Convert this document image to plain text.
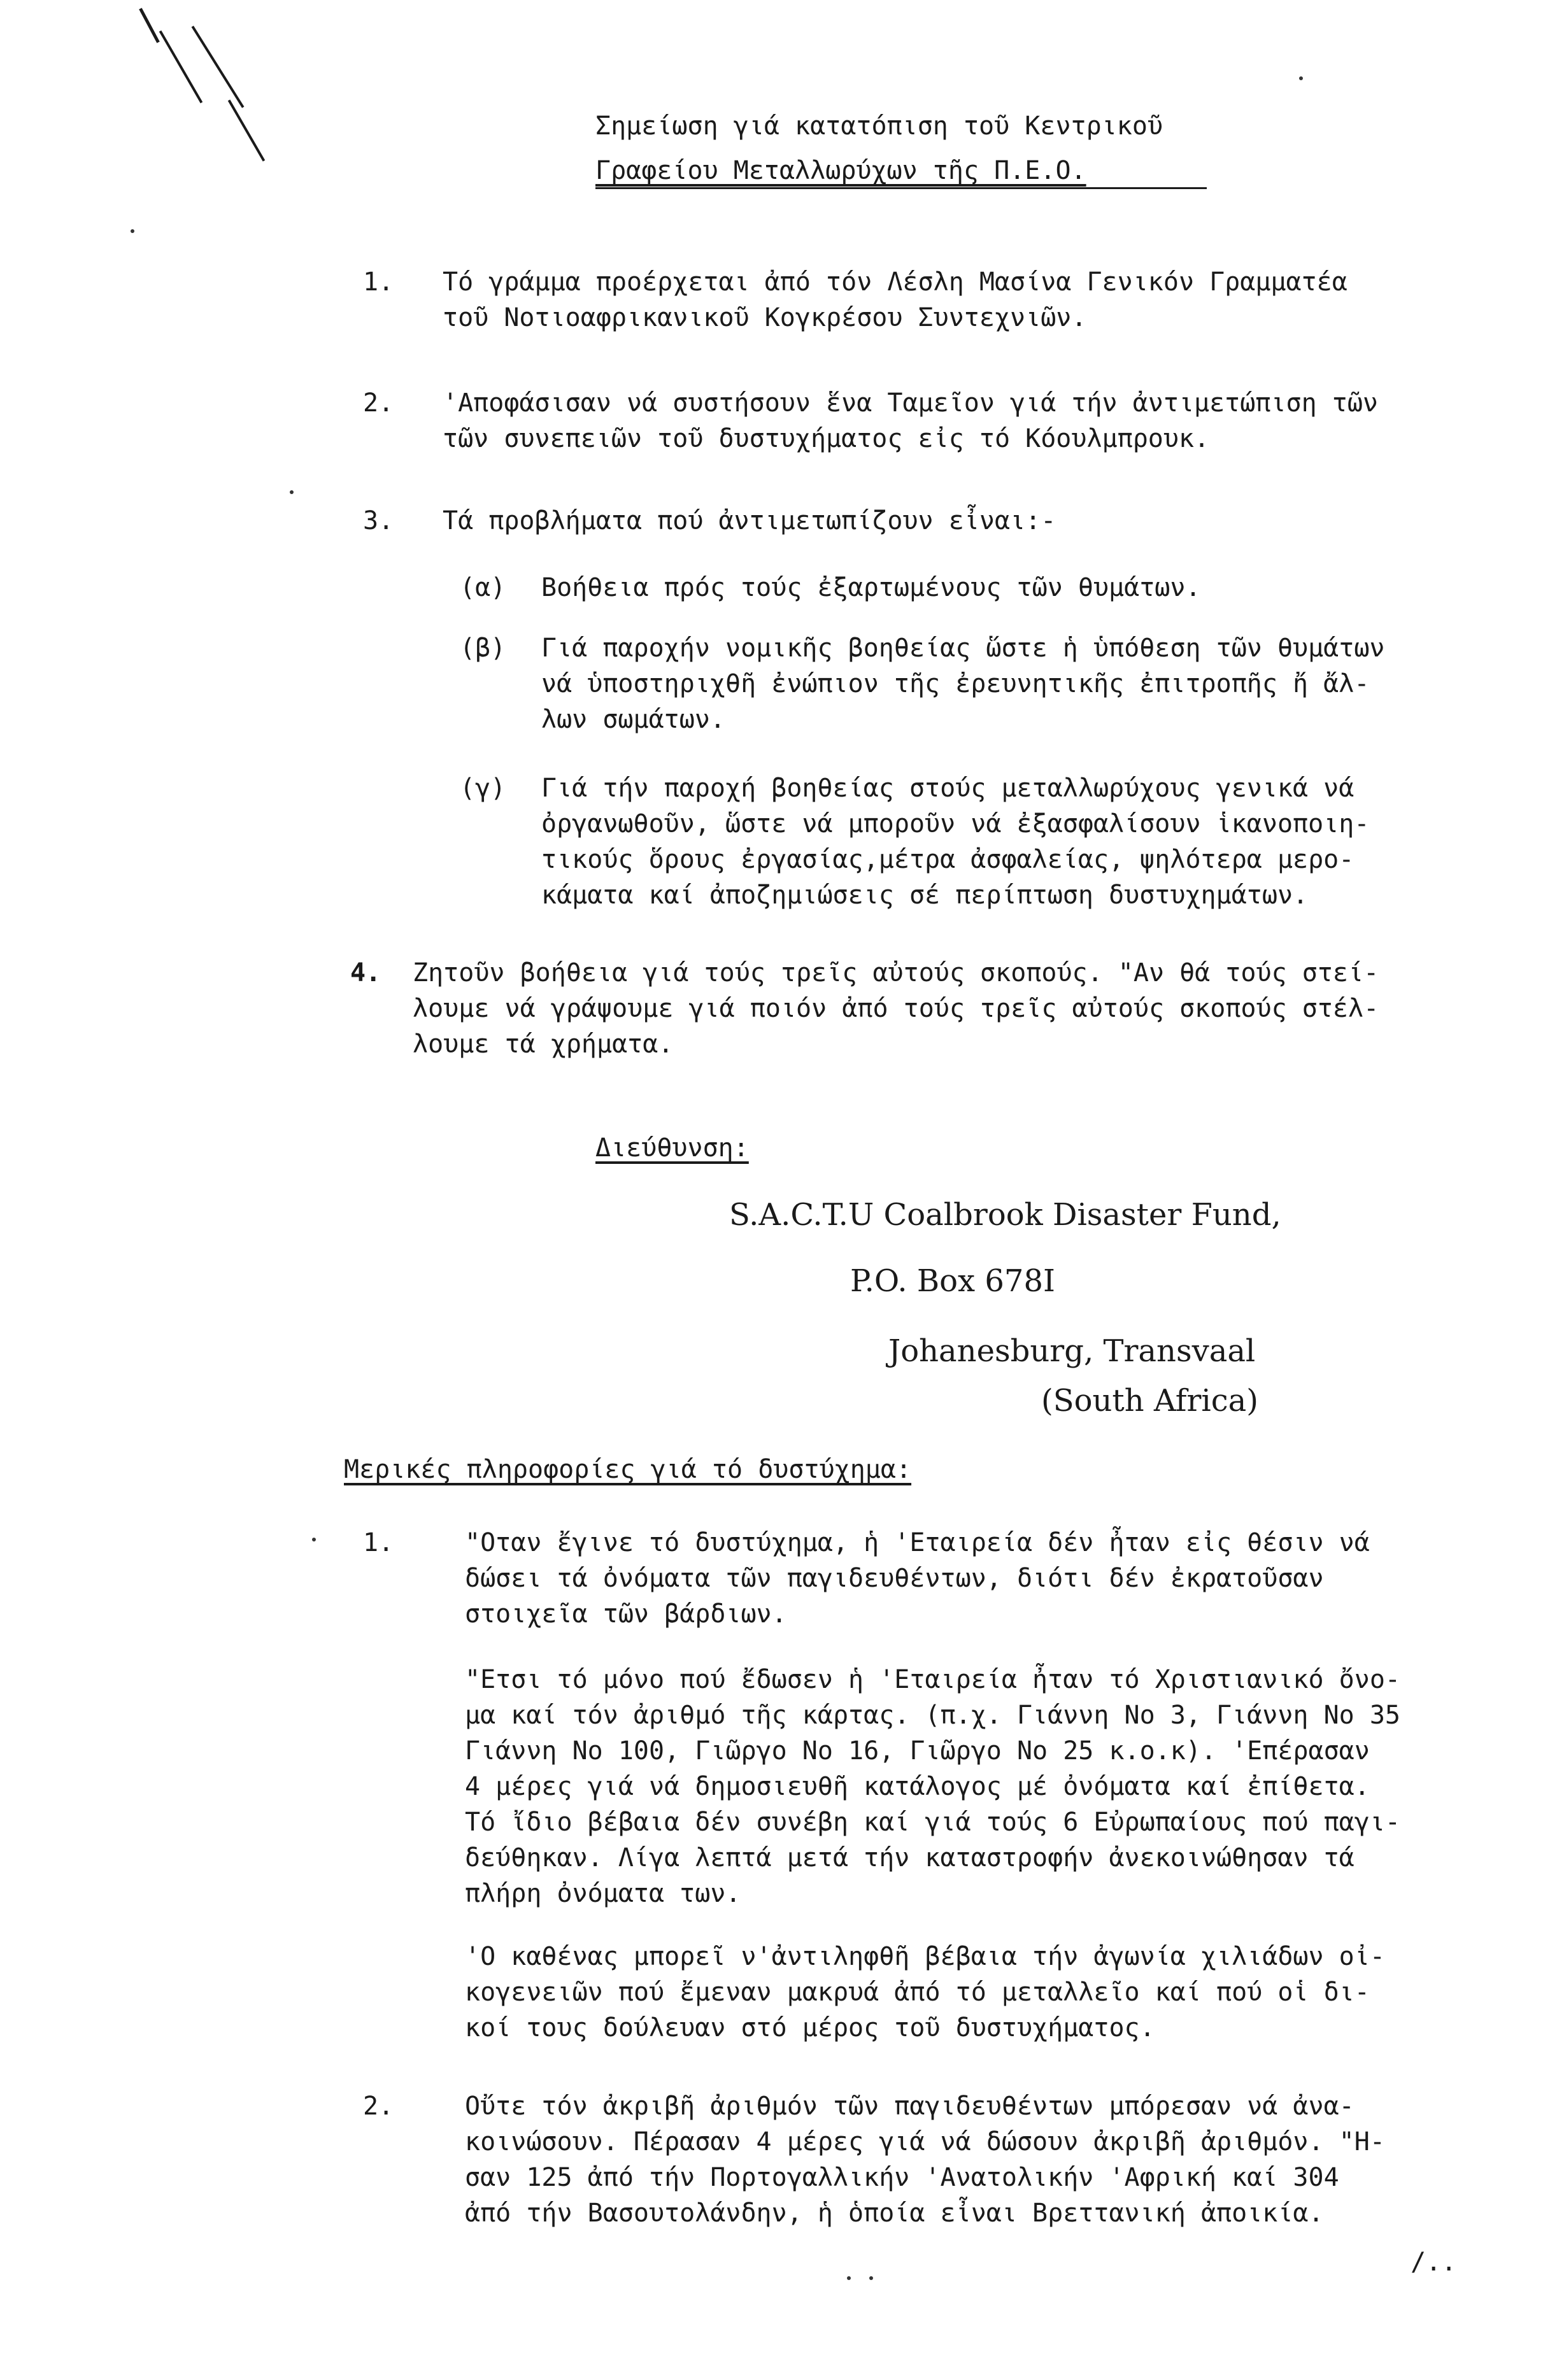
Σημείωση γιά κατατόπιση τοῦ Κεντρικοῦ
Γραφείου Μεταλλωρύχων τῆς Π.Ε.Ο.
1. Τό γράμμα προέρχεται ἀπό τόν Λέσλη Μασίνα Γενικόν Γραμματέα
τοῦ Νοτιοαφρικανικοῦ Κογκρέσου Συντεχνιῶν.
2. 'Αποφάσισαν νά συστήσουν ἕνα Ταμεῖον γιά τήν ἀντιμετώπιση τῶν
τῶν συνεπειῶν τοῦ δυστυχήματος εἰς τό Κόουλμπρουκ.
3. Τά προβλήματα πού ἀντιμετωπίζουν εἶναι:-
(α) Βοήθεια πρός τούς ἐξαρτωμένους τῶν θυμάτων.
(β) Γιά παροχήν νομικῆς βοηθείας ὥστε ἡ ὑπόθεση τῶν θυμάτων
νά ὑποστηριχθῆ ἐνώπιον τῆς ἐρευνητικῆς ἐπιτροπῆς ἤ ἄλ-
λων σωμάτων.
(γ) Γιά τήν παροχή βοηθείας στούς μεταλλωρύχους γενικά νά
ὀργανωθοῦν, ὥστε νά μποροῦν νά ἐξασφαλίσουν ἱκανοποιη-
τικούς ὅρους ἐργασίας,μέτρα ἀσφαλείας, ψηλότερα μερο-
κάματα καί ἀποζημιώσεις σέ περίπτωση δυστυχημάτων.
4. Ζητοῦν βοήθεια γιά τούς τρεῖς αὐτούς σκοπούς. "Αν θά τούς στεί-
λουμε νά γράψουμε γιά ποιόν ἀπό τούς τρεῖς αὐτούς σκοπούς στέλ-
λουμε τά χρήματα.
Διεύθυνση:
S.A.C.T.U Coalbrook Disaster Fund,
P.O. Box 678I
Johanesburg, Transvaal
(South Africa)
Μερικές πληροφορίες γιά τό δυστύχημα:
1.	"Οταν ἔγινε τό δυστύχημα, ἡ 'Εταιρεία δέν ἦταν εἰς θέσιν νά
δώσει τά ὀνόματα τῶν παγιδευθέντων, διότι δέν ἐκρατοῦσαν
στοιχεῖα τῶν βάρδιων.
"Ετσι τό μόνο πού ἔδωσεν ἡ 'Εταιρεία ἦταν τό Χριστιανικό ὄνο-
μα καί τόν ἀριθμό τῆς κάρτας. (π.χ. Γιάννη Νο 3, Γιάννη Νο 35
Γιάννη Νο 100, Γιῶργο Νο 16, Γιῶργο Νο 25 κ.ο.κ). 'Επέρασαν
4 μέρες γιά νά δημοσιευθῆ κατάλογος μέ ὀνόματα καί ἐπίθετα.
Τό ἴδιο βέβαια δέν συνέβη καί γιά τούς 6 Εὐρωπαίους πού παγι-
δεύθηκαν. Λίγα λεπτά μετά τήν καταστροφήν ἀνεκοινώθησαν τά
πλήρη ὀνόματα των.
'Ο καθένας μπορεῖ ν'ἀντιληφθῆ βέβαια τήν ἀγωνία χιλιάδων οἰ-
κογενειῶν πού ἔμεναν μακρυά ἀπό τό μεταλλεῖο καί πού οἱ δι-
κοί τους δούλευαν στό μέρος τοῦ δυστυχήματος.
2.	Οὔτε τόν ἀκριβῆ ἀριθμόν τῶν παγιδευθέντων μπόρεσαν νά ἀνα-
κοινώσουν. Πέρασαν 4 μέρες γιά νά δώσουν ἀκριβῆ ἀριθμόν. "Η-
σαν 125 ἀπό τήν Πορτογαλλικήν 'Ανατολικήν 'Αφρική καί 304
ἀπό τήν Βασουτολάνδην, ἡ ὁποία εἶναι Βρεττανική ἀποικία.
/..
